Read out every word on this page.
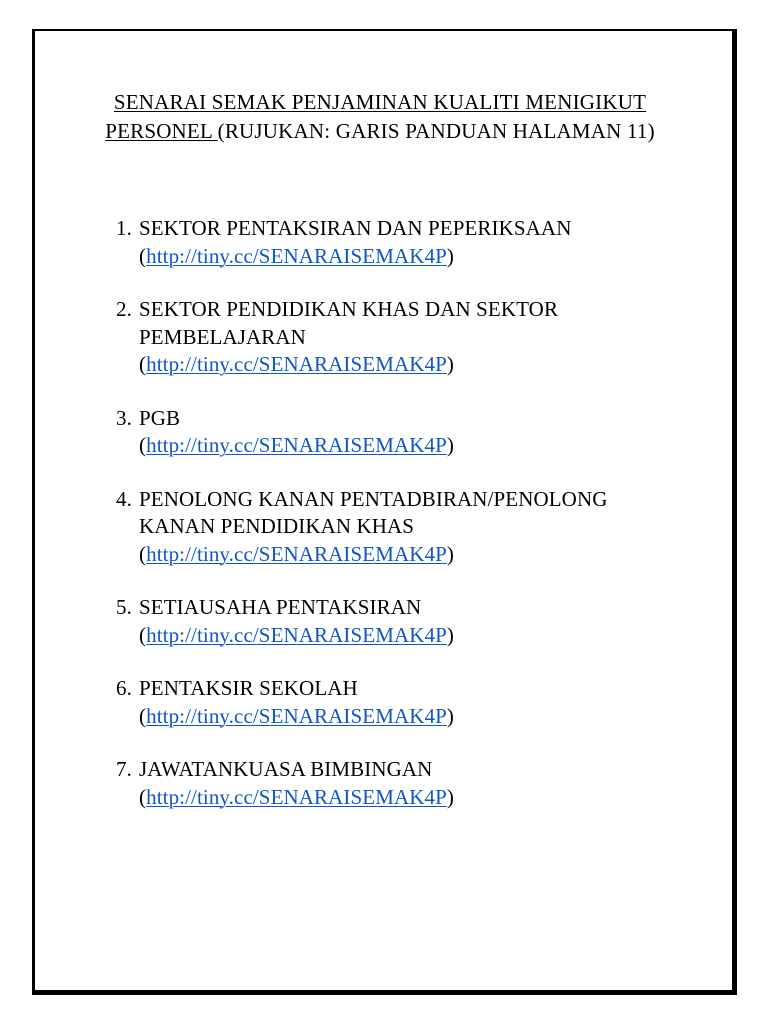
SENARAI SEMAK PENJAMINAN KUALITI MENIGIKUT PERSONEL (RUJUKAN: GARIS PANDUAN HALAMAN 11)
1. SEKTOR PENTAKSIRAN DAN PEPERIKSAAN
(http://tiny.cc/SENARAISEMAK4P)
2. SEKTOR PENDIDIKAN KHAS DAN SEKTOR PEMBELAJARAN
(http://tiny.cc/SENARAISEMAK4P)
3. PGB
(http://tiny.cc/SENARAISEMAK4P)
4. PENOLONG KANAN PENTADBIRAN/PENOLONG KANAN PENDIDIKAN KHAS
(http://tiny.cc/SENARAISEMAK4P)
5. SETIAUSAHA PENTAKSIRAN
(http://tiny.cc/SENARAISEMAK4P)
6. PENTAKSIR SEKOLAH
(http://tiny.cc/SENARAISEMAK4P)
7. JAWATANKUASA BIMBINGAN
(http://tiny.cc/SENARAISEMAK4P)
